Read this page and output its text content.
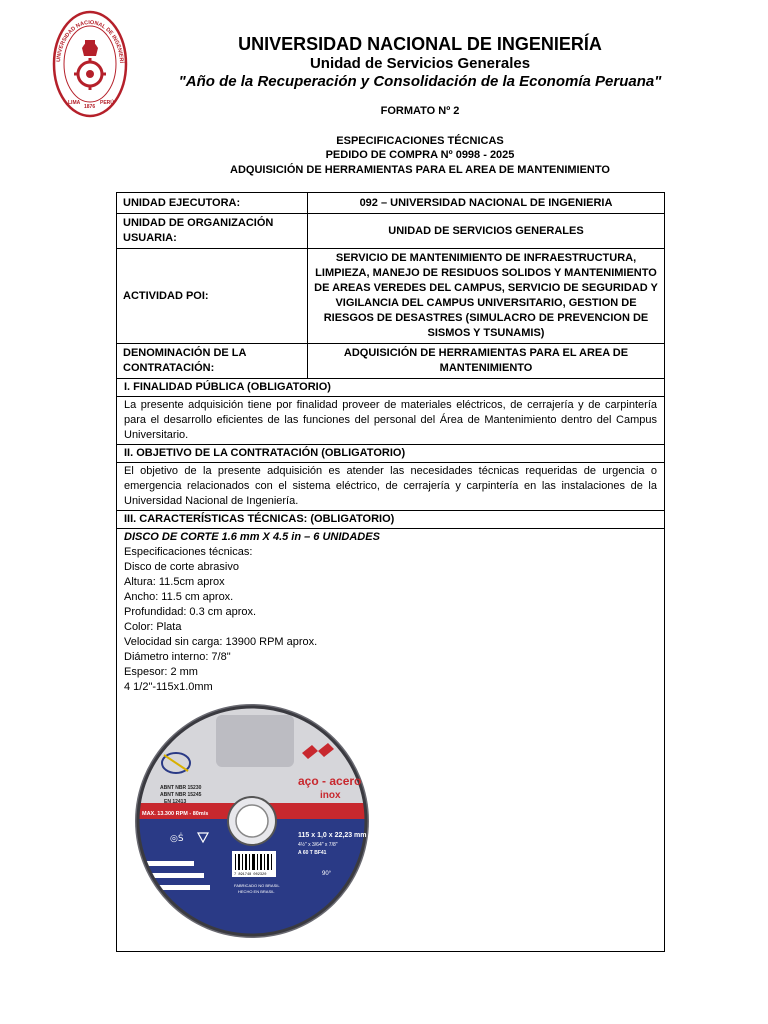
UNIVERSIDAD NACIONAL DE INGENIERÍ
LIMA
1876
PERÚ
UNIVERSIDAD NACIONAL DE INGENIERÍA
Unidad de Servicios Generales
"Año de la Recuperación y Consolidación de la Economía Peruana"
FORMATO Nº 2
ESPECIFICACIONES TÉCNICAS
PEDIDO DE COMPRA Nº 0998 - 2025
ADQUISICIÓN DE HERRAMIENTAS PARA EL AREA DE MANTENIMIENTO
UNIDAD EJECUTORA:	092 – UNIVERSIDAD NACIONAL DE INGENIERIA
UNIDAD DE ORGANIZACIÓN USUARIA:	UNIDAD DE SERVICIOS GENERALES
ACTIVIDAD POI:	SERVICIO DE MANTENIMIENTO DE INFRAESTRUCTURA, LIMPIEZA, MANEJO DE RESIDUOS SOLIDOS Y MANTENIMIENTO DE AREAS VEREDES DEL CAMPUS, SERVICIO DE SEGURIDAD Y VIGILANCIA DEL CAMPUS UNIVERSITARIO, GESTION DE RIESGOS DE DESASTRES (SIMULACRO DE PREVENCION DE SISMOS Y TSUNAMIS)
DENOMINACIÓN DE LA CONTRATACIÓN:	ADQUISICIÓN DE HERRAMIENTAS PARA EL AREA DE MANTENIMIENTO
I. FINALIDAD PÚBLICA (OBLIGATORIO)
La presente adquisición tiene por finalidad proveer de materiales eléctricos, de cerrajería y de carpintería para el desarrollo eficientes de las funciones del personal del Área de Mantenimiento dentro del Campus Universitario.
II. OBJETIVO DE LA CONTRATACIÓN (OBLIGATORIO)
El objetivo de la presente adquisición es atender las necesidades técnicas requeridas de urgencia o emergencia relacionados con el sistema eléctrico, de cerrajería y carpintería en las instalaciones de la Universidad Nacional de Ingeniería.
III. CARACTERÍSTICAS TÉCNICAS: (OBLIGATORIO)

DISCO DE CORTE 1.6 mm X 4.5 in – 6 UNIDADES
Especificaciones técnicas:
Disco de corte abrasivo
Altura: 11.5cm aprox
Ancho: 11.5 cm aprox.
Profundidad: 0.3 cm aprox.
Color: Plata
Velocidad sin carga: 13900 RPM aprox.
Diámetro interno: 7/8"
Espesor: 2 mm
4 1/2"-115x1.0mm
ABNT NBR 15230
ABNT NBR 15245
EN 12413
aço - acero
inox
MAX. 13.300 RPM - 80m/s
115 x 1,0 x 22,23 mm
4½" x 3/64" x 7/8"
A 60 T BF41
90°
◎Ṡ
7 891748 002320
FABRICADO NO BRASIL
HECHO EN BRASIL
